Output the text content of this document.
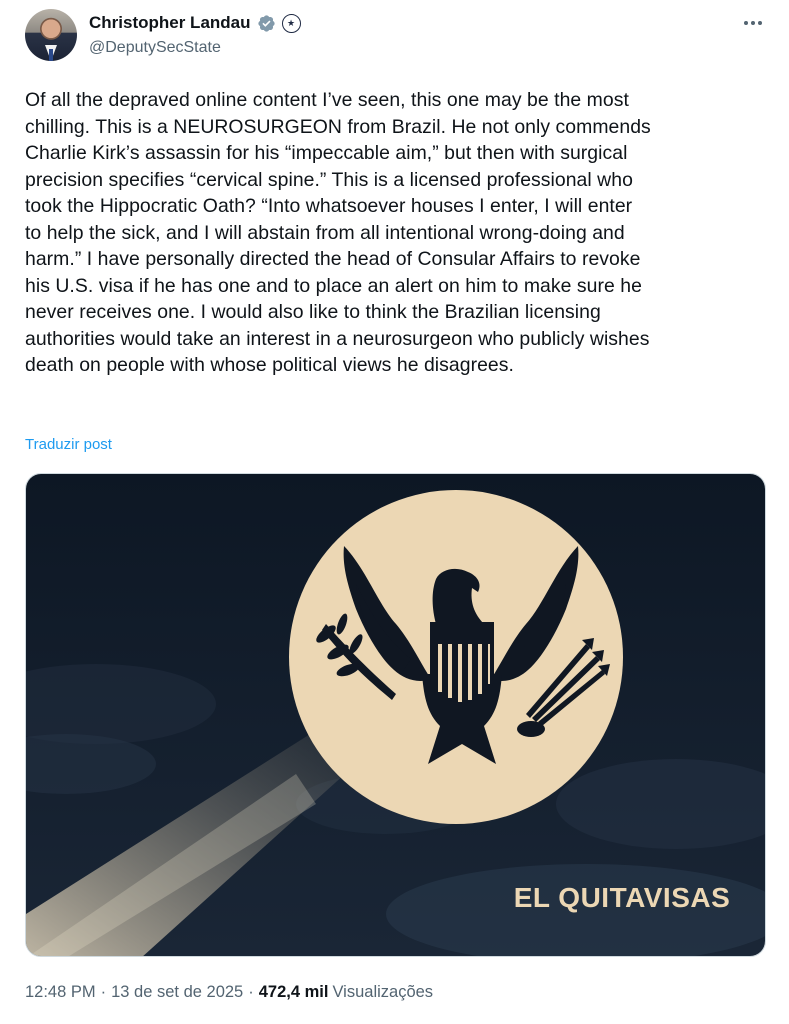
Christopher Landau	★
@DeputySecState
Of all the depraved online content I’ve seen, this one may be the most
chilling. This is a NEUROSURGEON from Brazil. He not only commends
Charlie Kirk’s assassin for his “impeccable aim,” but then with surgical
precision specifies “cervical spine.” This is a licensed professional who
took the Hippocratic Oath? “Into whatsoever houses I enter, I will enter
to help the sick, and I will abstain from all intentional wrong-doing and
harm.” I have personally directed the head of Consular Affairs to revoke
his U.S. visa if he has one and to place an alert on him to make sure he
never receives one. I would also like to think the Brazilian licensing
authorities would take an interest in a neurosurgeon who publicly wishes
death on people with whose political views he disagrees.
Traduzir post
EL QUITAVISAS
12:48 PM · 13 de set de 2025 · 472,4 mil Visualizações
